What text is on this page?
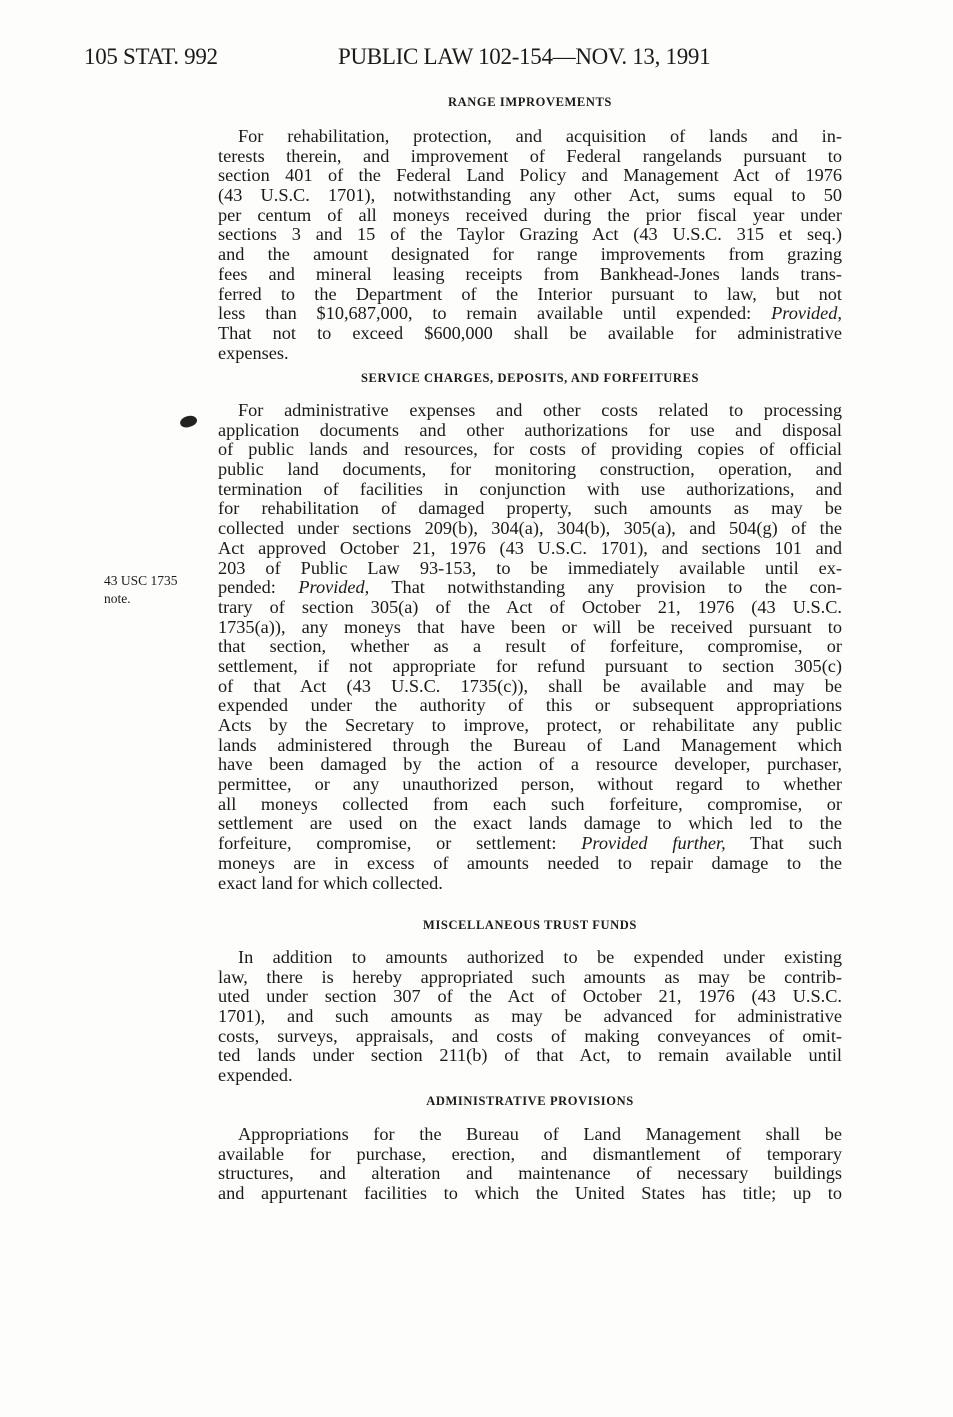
105 STAT. 992	PUBLIC LAW 102-154—NOV. 13, 1991
RANGE IMPROVEMENTS
For rehabilitation, protection, and acquisition of lands and in-
terests therein, and improvement of Federal rangelands pursuant to
section 401 of the Federal Land Policy and Management Act of 1976
(43 U.S.C. 1701), notwithstanding any other Act, sums equal to 50
per centum of all moneys received during the prior fiscal year under
sections 3 and 15 of the Taylor Grazing Act (43 U.S.C. 315 et seq.)
and the amount designated for range improvements from grazing
fees and mineral leasing receipts from Bankhead-Jones lands trans-
ferred to the Department of the Interior pursuant to law, but not
less than $10,687,000, to remain available until expended: Provided,
That not to exceed $600,000 shall be available for administrative
expenses.
SERVICE CHARGES, DEPOSITS, AND FORFEITURES
For administrative expenses and other costs related to processing
application documents and other authorizations for use and disposal
of public lands and resources, for costs of providing copies of official
public land documents, for monitoring construction, operation, and
termination of facilities in conjunction with use authorizations, and
for rehabilitation of damaged property, such amounts as may be
collected under sections 209(b), 304(a), 304(b), 305(a), and 504(g) of the
Act approved October 21, 1976 (43 U.S.C. 1701), and sections 101 and
203 of Public Law 93-153, to be immediately available until ex-
pended: Provided, That notwithstanding any provision to the con-
trary of section 305(a) of the Act of October 21, 1976 (43 U.S.C.
1735(a)), any moneys that have been or will be received pursuant to
that section, whether as a result of forfeiture, compromise, or
settlement, if not appropriate for refund pursuant to section 305(c)
of that Act (43 U.S.C. 1735(c)), shall be available and may be
expended under the authority of this or subsequent appropriations
Acts by the Secretary to improve, protect, or rehabilitate any public
lands administered through the Bureau of Land Management which
have been damaged by the action of a resource developer, purchaser,
permittee, or any unauthorized person, without regard to whether
all moneys collected from each such forfeiture, compromise, or
settlement are used on the exact lands damage to which led to the
forfeiture, compromise, or settlement: Provided further, That such
moneys are in excess of amounts needed to repair damage to the
exact land for which collected.
43 USC 1735
note.
MISCELLANEOUS TRUST FUNDS
In addition to amounts authorized to be expended under existing
law, there is hereby appropriated such amounts as may be contrib-
uted under section 307 of the Act of October 21, 1976 (43 U.S.C.
1701), and such amounts as may be advanced for administrative
costs, surveys, appraisals, and costs of making conveyances of omit-
ted lands under section 211(b) of that Act, to remain available until
expended.
ADMINISTRATIVE PROVISIONS
Appropriations for the Bureau of Land Management shall be
available for purchase, erection, and dismantlement of temporary
structures, and alteration and maintenance of necessary buildings
and appurtenant facilities to which the United States has title; up to
